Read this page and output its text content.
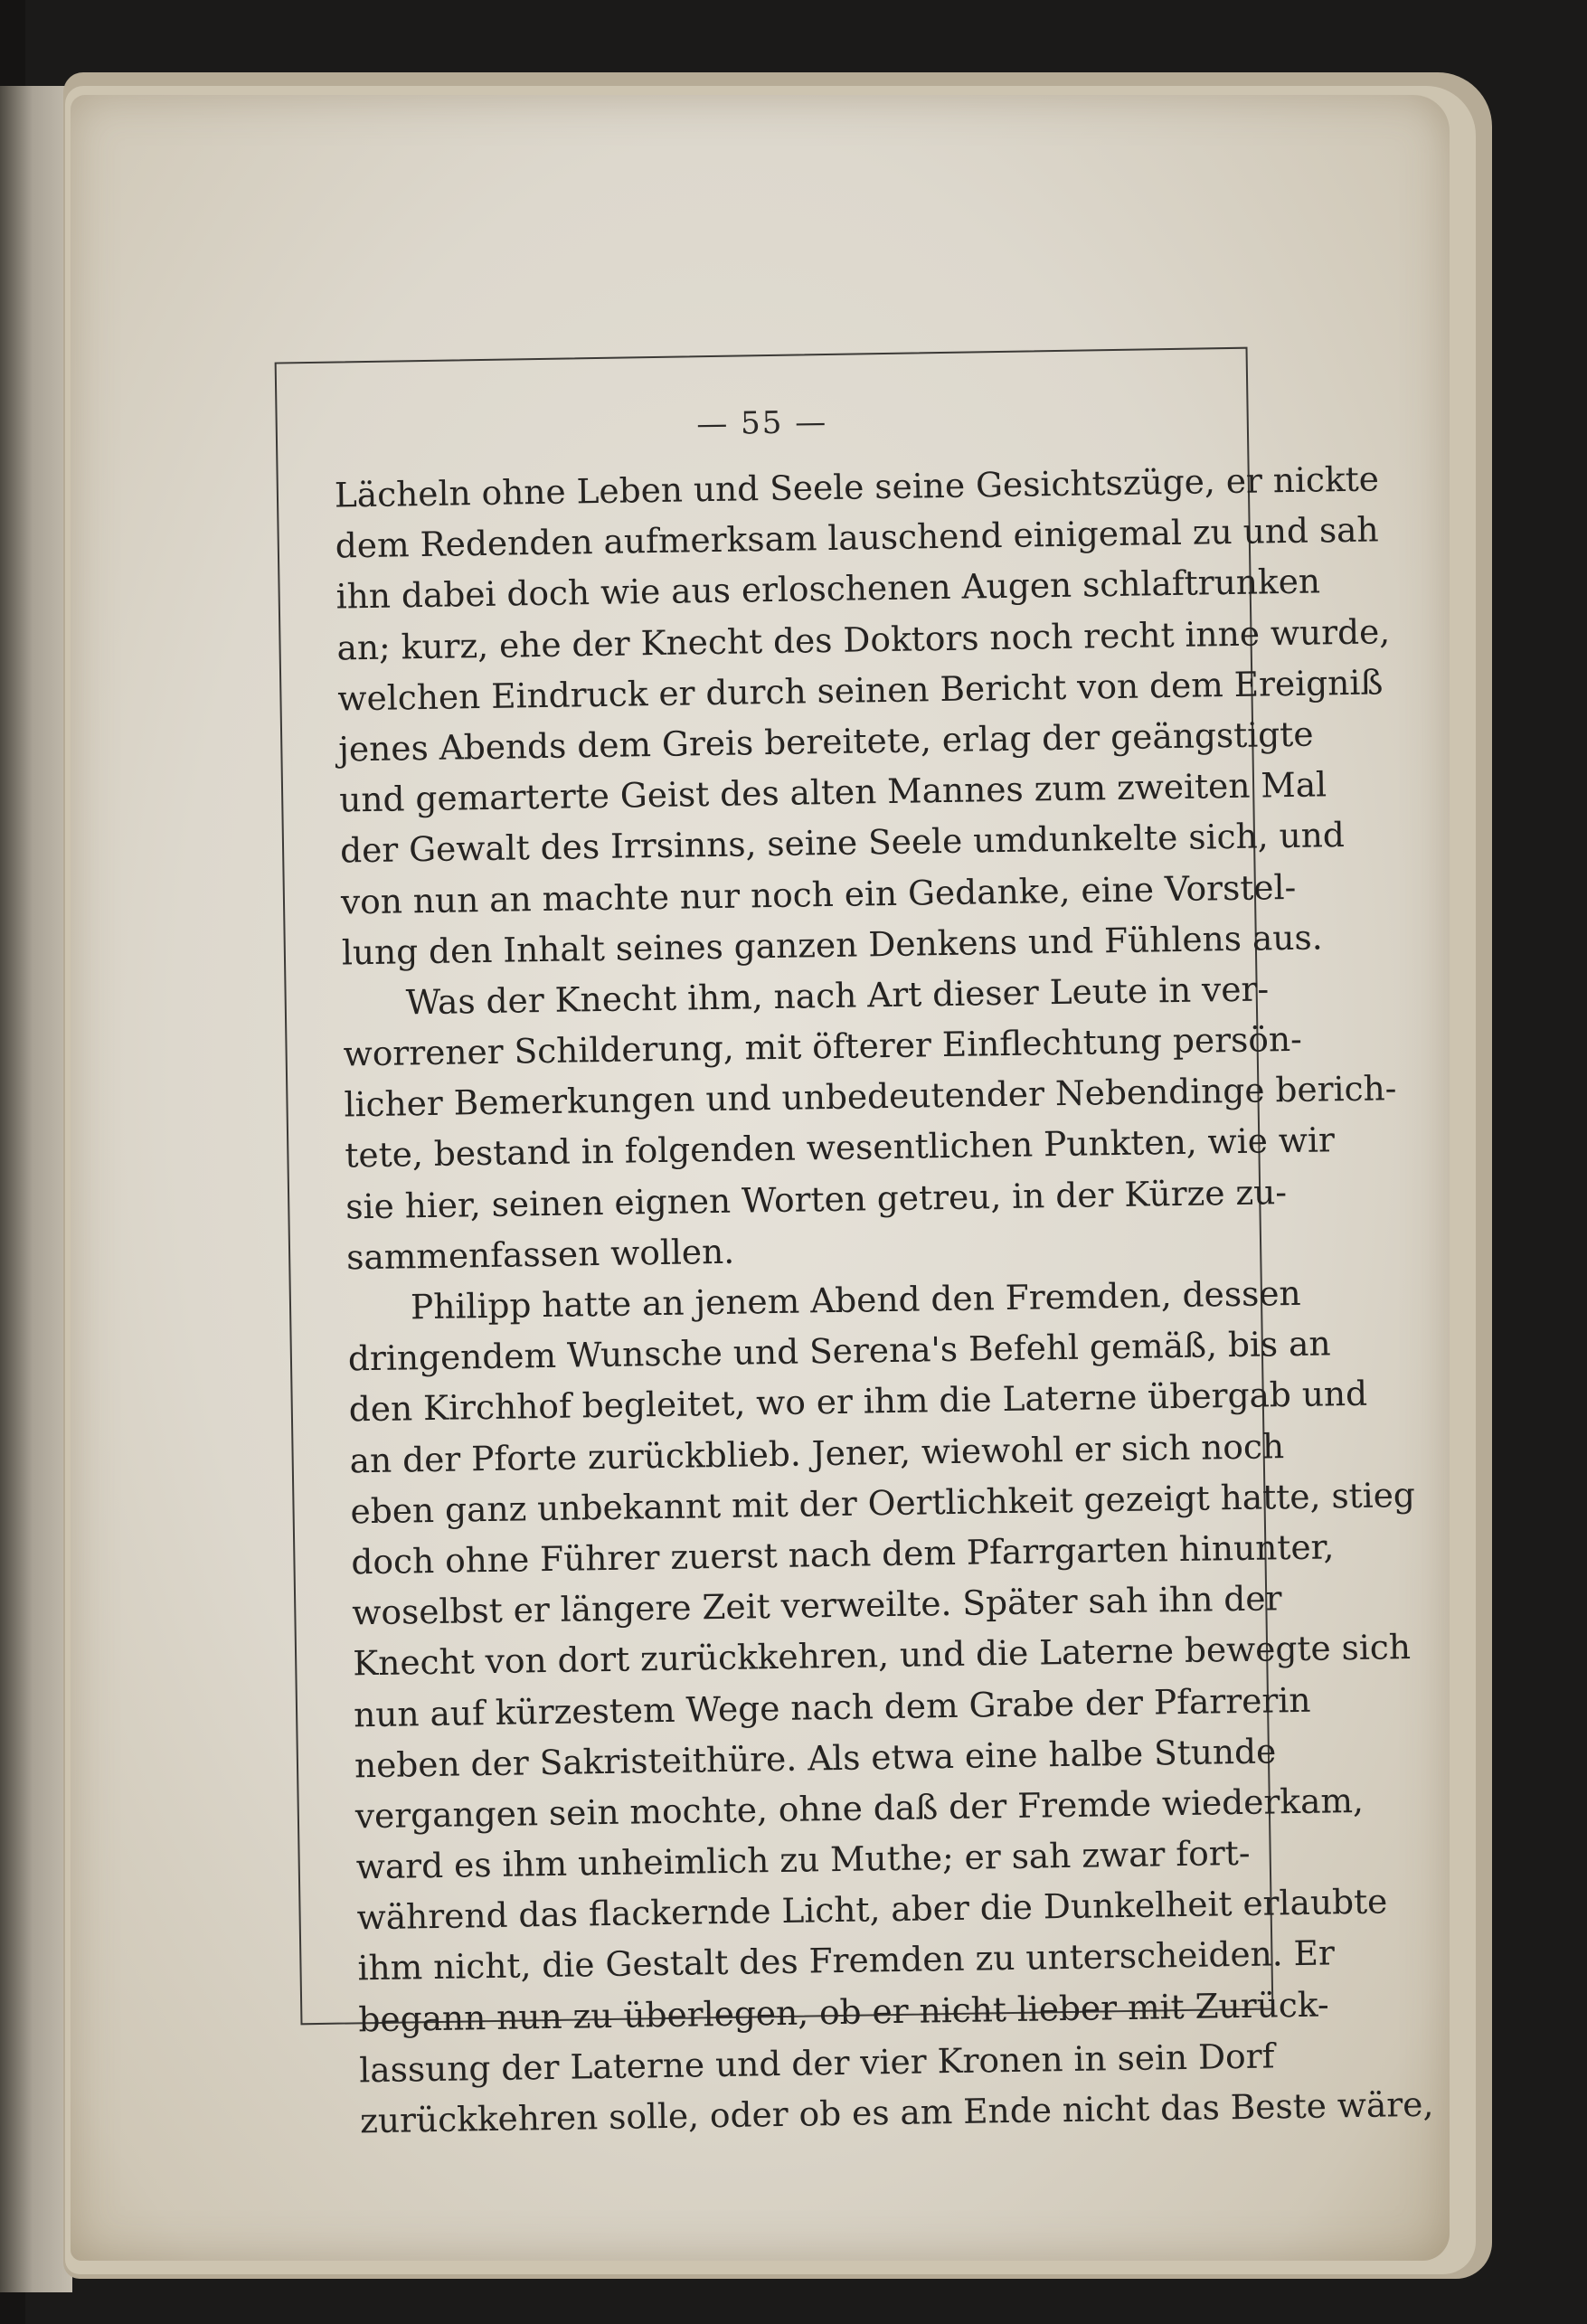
— 55 —
Lächeln ohne Leben und Seele seine Gesichtszüge, er nickte
dem Redenden aufmerksam lauschend einigemal zu und sah
ihn dabei doch wie aus erloschenen Augen schlaftrunken
an; kurz, ehe der Knecht des Doktors noch recht inne wurde,
welchen Eindruck er durch seinen Bericht von dem Ereigniß
jenes Abends dem Greis bereitete, erlag der geängstigte
und gemarterte Geist des alten Mannes zum zweiten Mal
der Gewalt des Irrsinns, seine Seele umdunkelte sich, und
von nun an machte nur noch ein Gedanke, eine Vorstel-
lung den Inhalt seines ganzen Denkens und Fühlens aus.
Was der Knecht ihm, nach Art dieser Leute in ver-
worrener Schilderung, mit öfterer Einflechtung persön-
licher Bemerkungen und unbedeutender Nebendinge berich-
tete, bestand in folgenden wesentlichen Punkten, wie wir
sie hier, seinen eignen Worten getreu, in der Kürze zu-
sammenfassen wollen.
Philipp hatte an jenem Abend den Fremden, dessen
dringendem Wunsche und Serena's Befehl gemäß, bis an
den Kirchhof begleitet, wo er ihm die Laterne übergab und
an der Pforte zurückblieb. Jener, wiewohl er sich noch
eben ganz unbekannt mit der Oertlichkeit gezeigt hatte, stieg
doch ohne Führer zuerst nach dem Pfarrgarten hinunter,
woselbst er längere Zeit verweilte. Später sah ihn der
Knecht von dort zurückkehren, und die Laterne bewegte sich
nun auf kürzestem Wege nach dem Grabe der Pfarrerin
neben der Sakristeithüre. Als etwa eine halbe Stunde
vergangen sein mochte, ohne daß der Fremde wiederkam,
ward es ihm unheimlich zu Muthe; er sah zwar fort-
während das flackernde Licht, aber die Dunkelheit erlaubte
ihm nicht, die Gestalt des Fremden zu unterscheiden. Er
begann nun zu überlegen, ob er nicht lieber mit Zurück-
lassung der Laterne und der vier Kronen in sein Dorf
zurückkehren solle, oder ob es am Ende nicht das Beste wäre,
